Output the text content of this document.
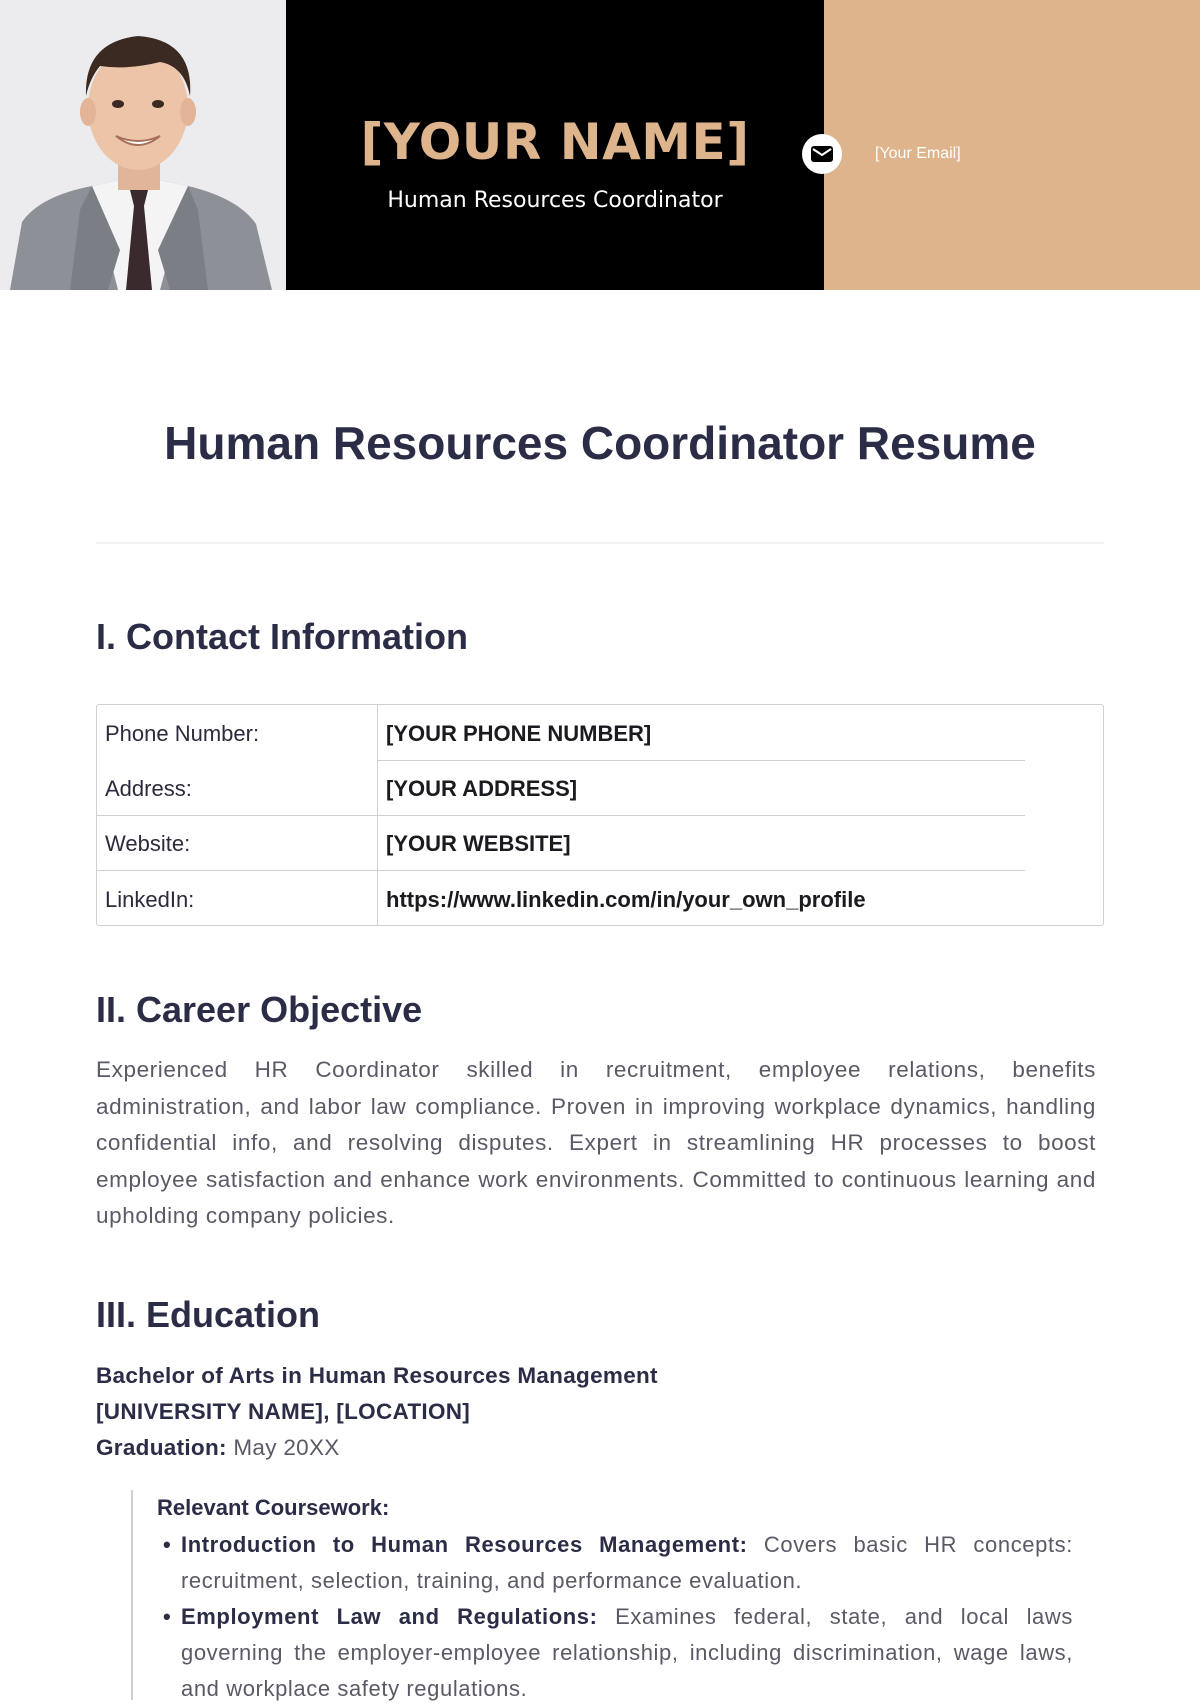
[YOUR NAME]
Human Resources Coordinator
[Your Email]
Human Resources Coordinator Resume
I. Contact Information
Phone Number:	[YOUR PHONE NUMBER]
Address:	[YOUR ADDRESS]
Website:	[YOUR WEBSITE]
LinkedIn:	https://www.linkedin.com/in/your_own_profile
II. Career Objective
Experienced HR Coordinator skilled in recruitment, employee relations, benefits administration, and labor law compliance. Proven in improving workplace dynamics, handling confidential info, and resolving disputes. Expert in streamlining HR processes to boost employee satisfaction and enhance work environments. Committed to continuous learning and upholding company policies.
III. Education
Bachelor of Arts in Human Resources Management
[UNIVERSITY NAME], [LOCATION]
Graduation: May 20XX
Relevant Coursework:
• Introduction to Human Resources Management: Covers basic HR concepts: recruitment, selection, training, and performance evaluation.
• Employment Law and Regulations: Examines federal, state, and local laws governing the employer-employee relationship, including discrimination, wage laws, and workplace safety regulations.
